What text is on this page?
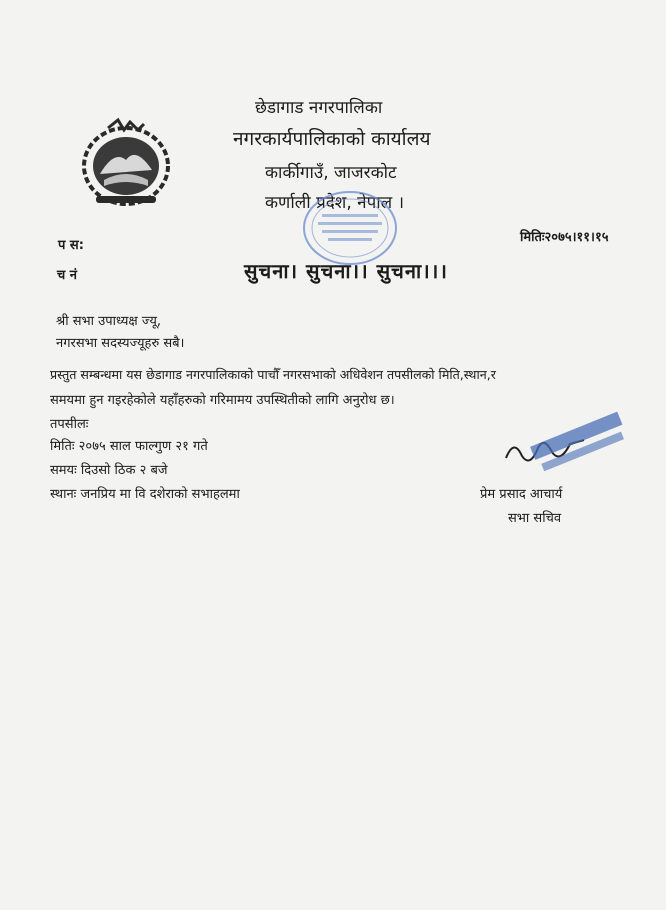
छेडागाड नगरपालिका
नगरकार्यपालिकाको कार्यालय
कार्कीगाउँ, जाजरकोट
कर्णाली प्रदेश, नेपाल ।
प स:
च नं
मितिः२०७५।११।१५
सुचना। सुचना।। सुचना।।।
श्री सभा उपाध्यक्ष ज्यू,
नगरसभा सदस्यज्यूहरु सबै।
प्रस्तुत सम्बन्धमा यस छेडागाड नगरपालिकाको पाचौँ नगरसभाको अधिवेशन तपसीलको मिति,स्थान,र
समयमा हुन गइरहेकोले यहाँहरुको गरिमामय उपस्थितीको लागि अनुरोध छ।
तपसीलः
मितिः २०७५ साल फाल्गुण २१ गते
समयः दिउसो ठिक २ बजे
स्थानः जनप्रिय मा वि दशेराको सभाहलमा	प्रेम प्रसाद आचार्य
सभा सचिव
